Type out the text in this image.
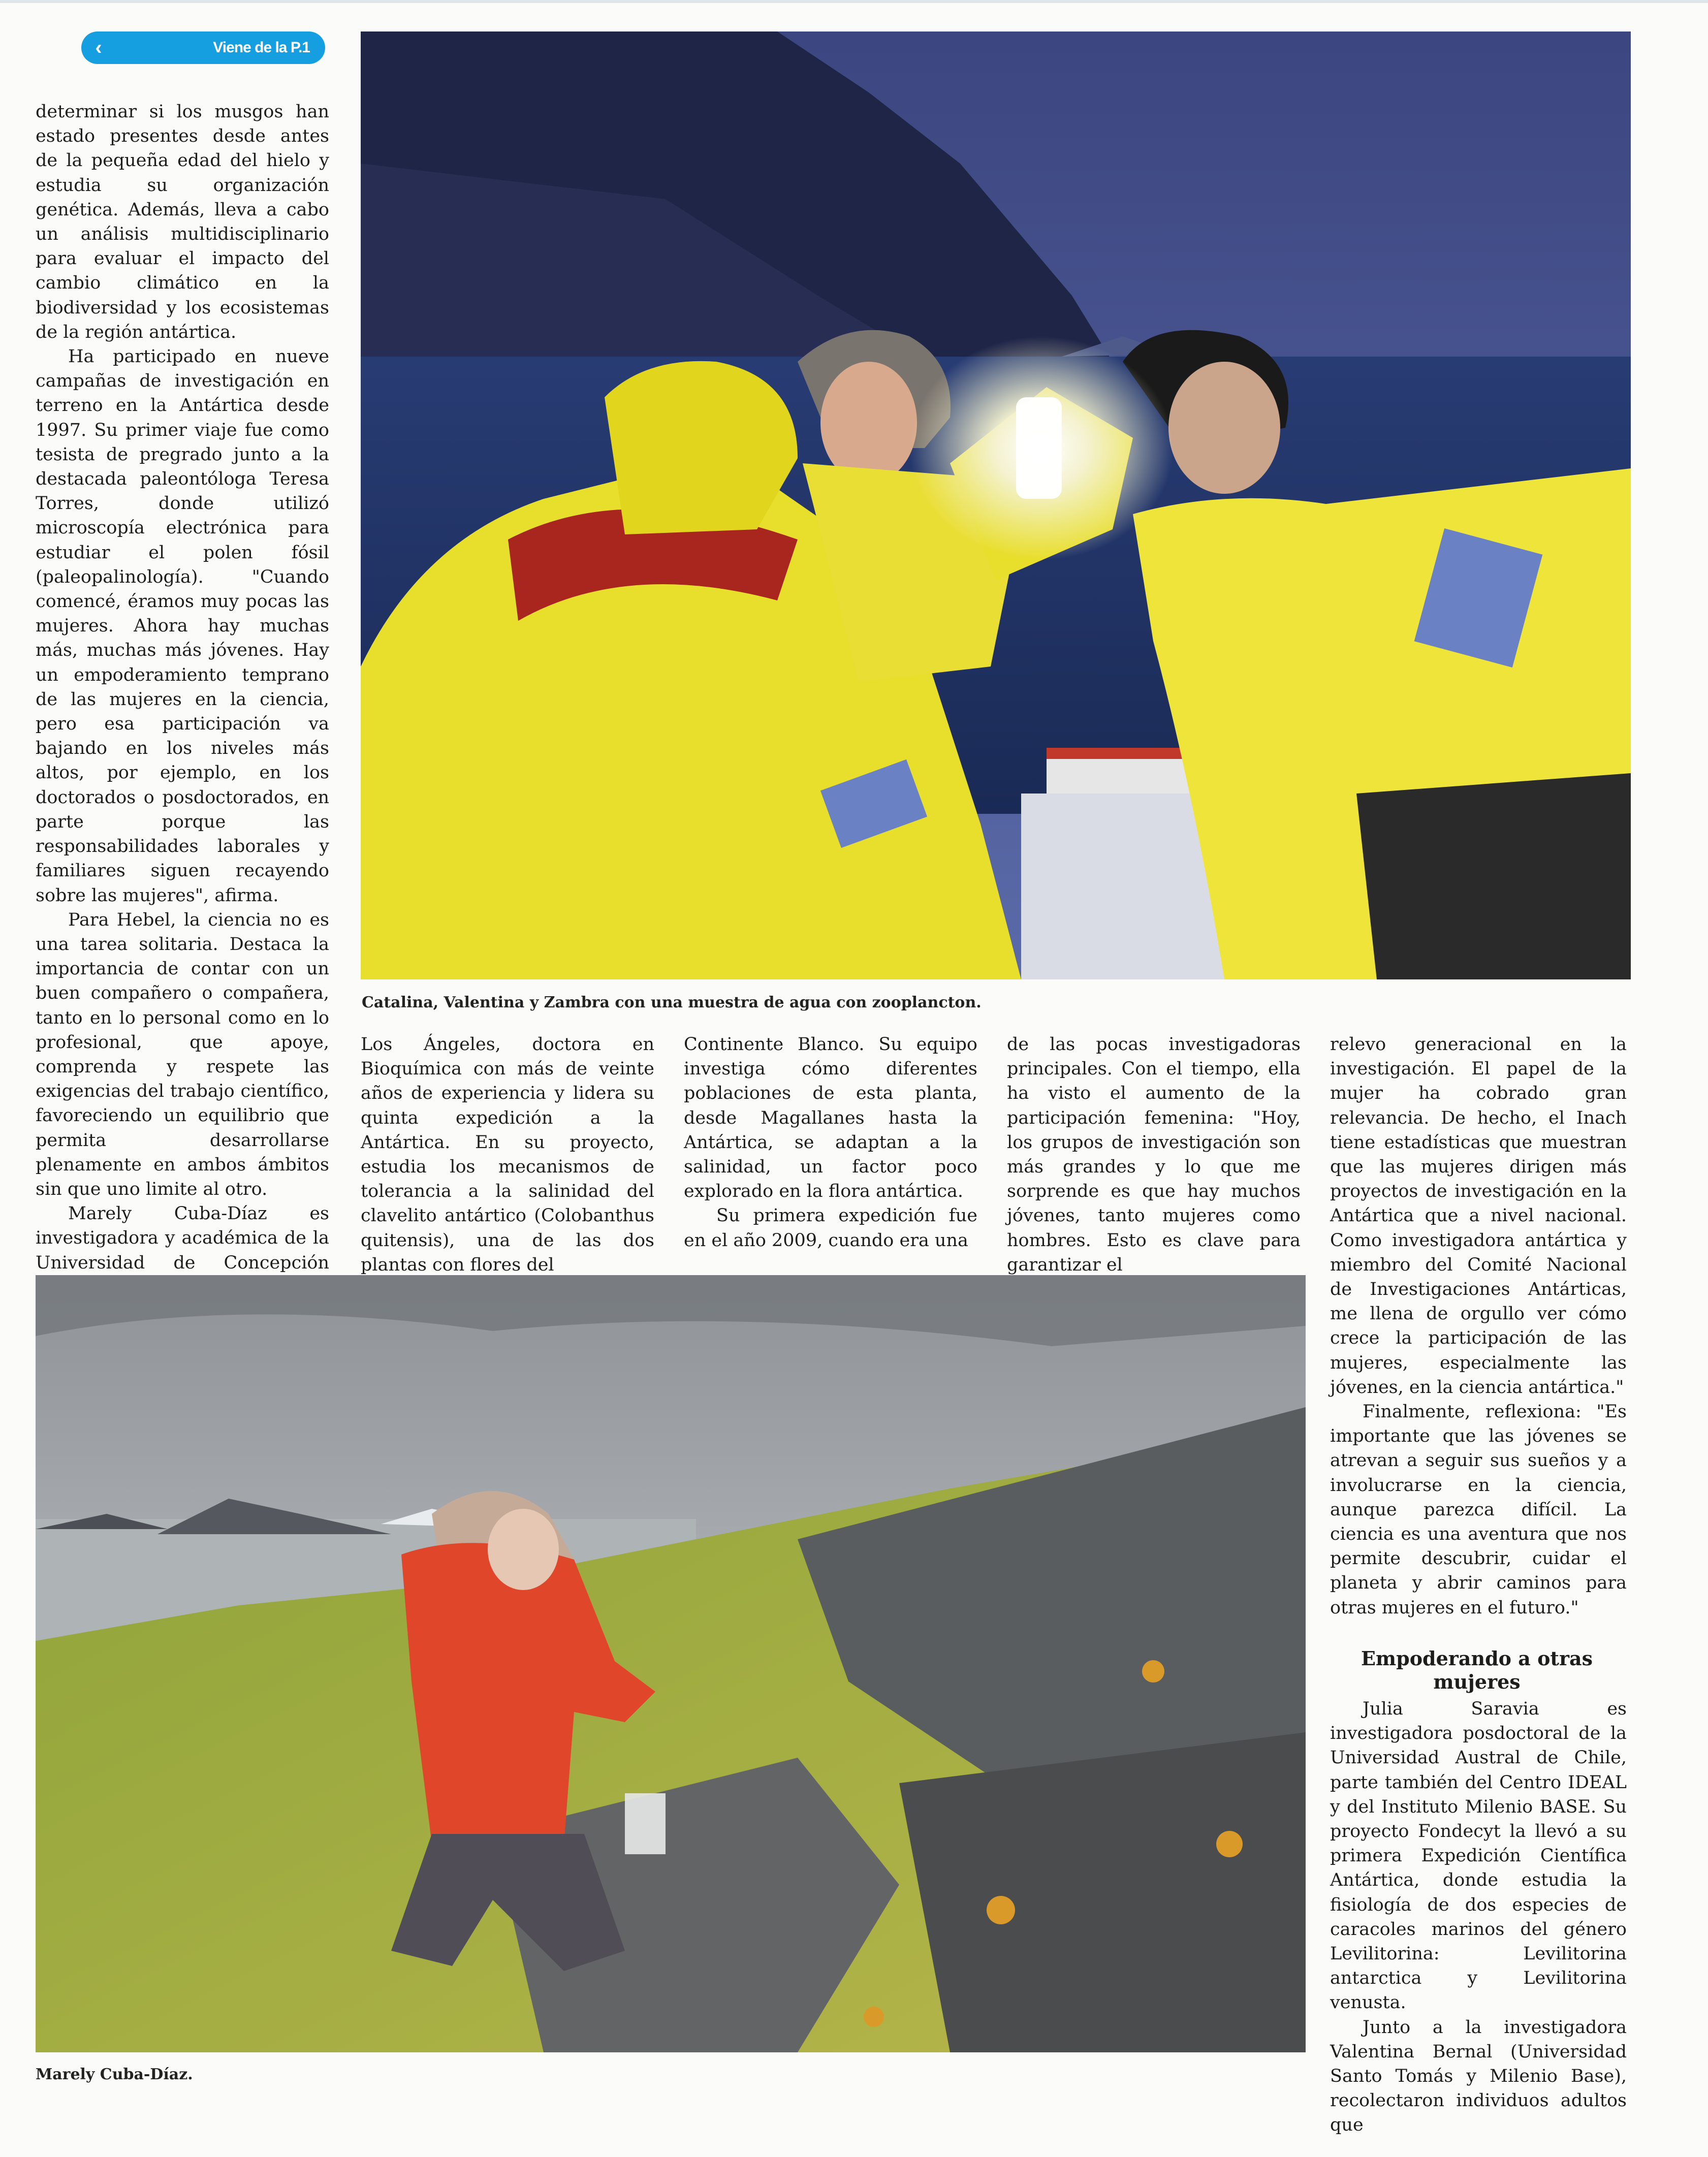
‹	Viene de la P.1

determinar si los musgos han estado presentes desde antes de la pequeña edad del hielo y estudia su organización genética. Además, lleva a cabo un análisis multidisciplinario para evaluar el impacto del cambio climático en la biodiversidad y los ecosistemas de la región antártica.

Ha participado en nueve campañas de investigación en terreno en la Antártica desde 1997. Su primer viaje fue como tesista de pregrado junto a la destacada paleontóloga Teresa Torres, donde utilizó microscopía electrónica para estudiar el polen fósil (paleopalinología). "Cuando comencé, éramos muy pocas las mujeres. Ahora hay muchas más, muchas más jóvenes. Hay un empoderamiento temprano de las mujeres en la ciencia, pero esa participación va bajando en los niveles más altos, por ejemplo, en los doctorados o posdoctorados, en parte porque las responsabilidades laborales y familiares siguen recayendo sobre las mujeres", afirma.

Para Hebel, la ciencia no es una tarea solitaria. Destaca la importancia de contar con un buen compañero o compañera, tanto en lo personal como en lo profesional, que apoye, comprenda y respete las exigencias del trabajo científico, favoreciendo un equilibrio que permita desarrollarse plenamente en ambos ámbitos sin que uno limite al otro.

Marely Cuba-Díaz es investigadora y académica de la Universidad de Concepción

Catalina, Valentina y Zambra con una muestra de agua con zooplancton.

Los Ángeles, doctora en Bioquímica con más de veinte años de experiencia y lidera su quinta expedición a la Antártica. En su proyecto, estudia los mecanismos de tolerancia a la salinidad del clavelito antártico (Colobanthus quitensis), una de las dos plantas con flores del

Continente Blanco. Su equipo investiga cómo diferentes poblaciones de esta planta, desde Magallanes hasta la Antártica, se adaptan a la salinidad, un factor poco explorado en la flora antártica.

Su primera expedición fue en el año 2009, cuando era una

de las pocas investigadoras principales. Con el tiempo, ella ha visto el aumento de la participación femenina: "Hoy, los grupos de investigación son más grandes y lo que me sorprende es que hay muchos jóvenes, tanto mujeres como hombres. Esto es clave para garantizar el

relevo generacional en la investigación. El papel de la mujer ha cobrado gran relevancia. De hecho, el Inach tiene estadísticas que muestran que las mujeres dirigen más proyectos de investigación en la Antártica que a nivel nacional. Como investigadora antártica y miembro del Comité Nacional de Investigaciones Antárticas, me llena de orgullo ver cómo crece la participación de las mujeres, especialmente las jóvenes, en la ciencia antártica."

Finalmente, reflexiona: "Es importante que las jóvenes se atrevan a seguir sus sueños y a involucrarse en la ciencia, aunque parezca difícil. La ciencia es una aventura que nos permite descubrir, cuidar el planeta y abrir caminos para otras mujeres en el futuro."

Empoderando a otras mujeres

Julia Saravia es investigadora posdoctoral de la Universidad Austral de Chile, parte también del Centro IDEAL y del Instituto Milenio BASE. Su proyecto Fondecyt la llevó a su primera Expedición Científica Antártica, donde estudia la fisiología de dos especies de caracoles marinos del género Levilitorina: Levilitorina antarctica y Levilitorina venusta.

Junto a la investigadora Valentina Bernal (Universidad Santo Tomás y Milenio Base), recolectaron individuos adultos que

Marely Cuba-Díaz.
